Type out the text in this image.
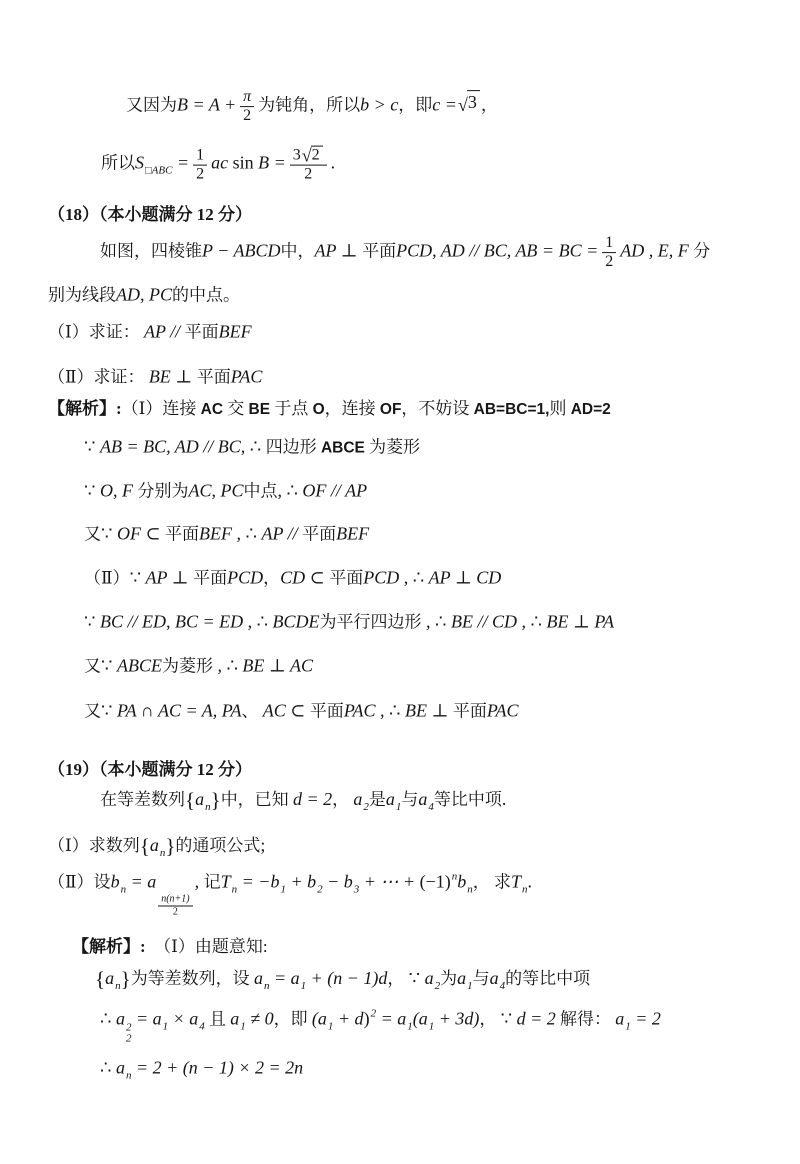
又因为$B = A + \frac{\pi}{2}$ 为钝角，所以b > c，即c = √ 3 ，
所以$S_{□ABC} = \frac{1}{2}$ ac $\sin B = \frac{3 √ 2}{2}$ .
（18）（本小题满分 12 分）
如图，四棱锥P − ABCD中，AP ⊥ 平面PCD, AD // BC, AB = BC = $\frac{1}{2}$ AD , E, F 分
别为线段AD, PC的中点。
（Ⅰ）求证： AP // 平面BEF
（Ⅱ）求证： BE ⊥ 平面PAC
【解析】:（Ⅰ）连接 AC 交 BE 于点 O，连接 OF，不妨设 AB=BC=1,则 AD=2
∵ AB = BC, AD // BC, ∴ 四边形 ABCE 为菱形
∵ O, F 分别为AC, PC中点, ∴ OF // AP
又∵ OF ⊂ 平面BEF , ∴ AP // 平面BEF
（Ⅱ）∵ AP ⊥ 平面PCD，CD ⊂ 平面PCD , ∴ AP ⊥ CD
∵ BC // ED, BC = ED , ∴ BCDE为平行四边形 , ∴ BE // CD , ∴ BE ⊥ PA
又∵ ABCE为菱形 , ∴ BE ⊥ AC
又∵ PA ∩ AC = A, PA、 AC ⊂ 平面PAC , ∴ BE ⊥ 平面PAC
（19）（本小题满分 12 分）
在等差数列$\{a_n\}$中，已知 d = 2， $a_2$是$a_1$与$a_4$等比中项.
（Ⅰ）求数列$\{a_n\}$的通项公式;
（Ⅱ）设$b_n = a$
$\frac{n(n+1)}{2}$
, 记$T_n = -b_1 + b_2 - b_3$ + ⋯ + $(-1)^nb_n$， 求$T_n$.
【解析】:　（Ⅰ）由题意知:
$\{a_n\}$为等差数列，设 $a_n = a_1 + (n - 1)d$， ∵ $a_2$为$a_1$与$a_4$的等比中项
∴ a 2
2
= $a_1 \times a_4$ 且 $a_1 \ne 0$，即 $(a_1 + d)^2 = a_1(a_1 + 3d)$， ∵ d = 2 解得： $a_1 = 2$
∴ $a_n = 2 + (n - 1) \times 2 = 2n$
